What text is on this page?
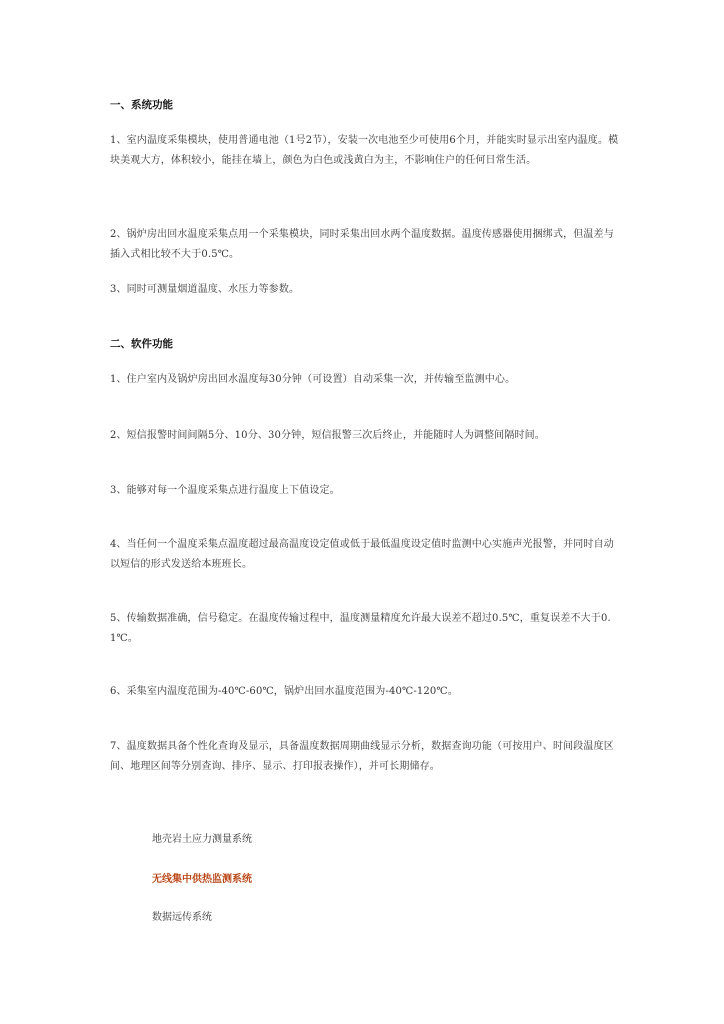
一、系统功能
1、室内温度采集模块，使用普通电池（1号2节），安装一次电池至少可使用6个月，并能实时显示出室内温度。模块美观大方，体积较小，能挂在墙上，颜色为白色或浅黄白为主，不影响住户的任何日常生活。
2、锅炉房出回水温度采集点用一个采集模块，同时采集出回水两个温度数据。温度传感器使用捆绑式，但温差与插入式相比较不大于0.5℃。
3、同时可测量烟道温度、水压力等参数。
二、软件功能
1、住户室内及锅炉房出回水温度每30分钟（可设置）自动采集一次，并传输至监测中心。
2、短信报警时间间隔5分、10分、30分钟，短信报警三次后终止，并能随时人为调整间隔时间。
3、能够对每一个温度采集点进行温度上下值设定。
4、当任何一个温度采集点温度超过最高温度设定值或低于最低温度设定值时监测中心实施声光报警，并同时自动以短信的形式发送给本班班长。
5、传输数据准确，信号稳定。在温度传输过程中，温度测量精度允许最大误差不超过0.5℃，重复误差不大于0.1℃。
6、采集室内温度范围为-40℃-60℃，锅炉出回水温度范围为-40℃-120℃。
7、温度数据具备个性化查询及显示，具备温度数据周期曲线显示分析，数据查询功能（可按用户、时间段温度区间、地理区间等分别查询、排序、显示、打印报表操作），并可长期储存。
地壳岩土应力测量系统
无线集中供热监测系统
数据远传系统
